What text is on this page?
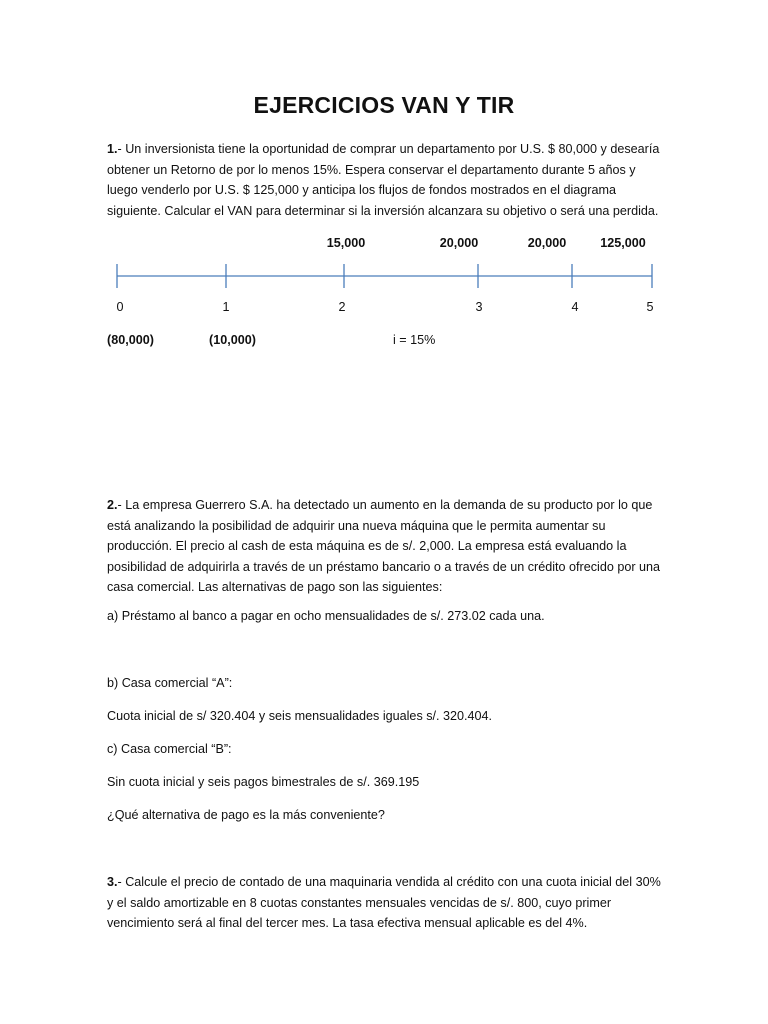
EJERCICIOS VAN Y TIR
1.- Un inversionista tiene la oportunidad de comprar un departamento por U.S. $ 80,000 y desearía obtener un Retorno de por lo menos 15%. Espera conservar el departamento durante 5 años y luego venderlo por U.S. $ 125,000 y anticipa los flujos de fondos mostrados en el diagrama siguiente. Calcular el VAN para determinar si la inversión alcanzara su objetivo o será una perdida.
15,000	20,000	20,000	125,000
0	1	2	3	4	5
(80,000)	(10,000)	i = 15%
2.- La empresa Guerrero S.A. ha detectado un aumento en la demanda de su producto por lo que está analizando la posibilidad de adquirir una nueva máquina que le permita aumentar su producción. El precio al cash de esta máquina es de s/. 2,000. La empresa está evaluando la posibilidad de adquirirla a través de un préstamo bancario o a través de un crédito ofrecido por una casa comercial. Las alternativas de pago son las siguientes:
a) Préstamo al banco a pagar en ocho mensualidades de s/. 273.02 cada una.
b) Casa comercial “A”:
Cuota inicial de s/ 320.404 y seis mensualidades iguales s/. 320.404.
c) Casa comercial “B”:
Sin cuota inicial y seis pagos bimestrales de s/. 369.195
¿Qué alternativa de pago es la más conveniente?
3.- Calcule el precio de contado de una maquinaria vendida al crédito con una cuota inicial del 30% y el saldo amortizable en 8 cuotas constantes mensuales vencidas de s/. 800, cuyo primer vencimiento será al final del tercer mes. La tasa efectiva mensual aplicable es del 4%.
